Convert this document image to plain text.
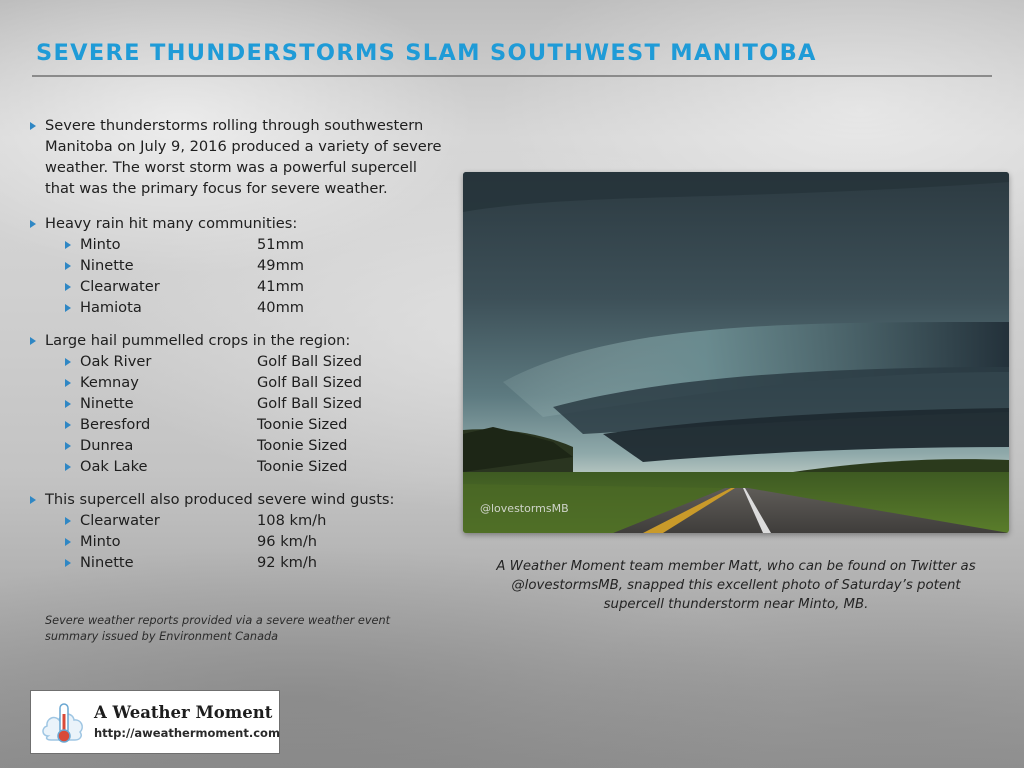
SEVERE THUNDERSTORMS SLAM SOUTHWEST MANITOBA
Severe thunderstorms rolling through southwestern Manitoba on July 9, 2016 produced a variety of severe weather. The worst storm was a powerful supercell that was the primary focus for severe weather.
Heavy rain hit many communities:
Minto	51mm
Ninette	49mm
Clearwater	41mm
Hamiota	40mm
Large hail pummelled crops in the region:
Oak River	Golf Ball Sized
Kemnay	Golf Ball Sized
Ninette	Golf Ball Sized
Beresford	Toonie Sized
Dunrea	Toonie Sized
Oak Lake	Toonie Sized
This supercell also produced severe wind gusts:
Clearwater	108 km/h
Minto	96 km/h
Ninette	92 km/h
Severe weather reports provided via a severe weather event summary issued by Environment Canada
@lovestormsMB
A Weather Moment team member Matt, who can be found on Twitter as @lovestormsMB, snapped this excellent photo of Saturday’s potent supercell thunderstorm near Minto, MB.
A Weather Moment
http://aweathermoment.com
